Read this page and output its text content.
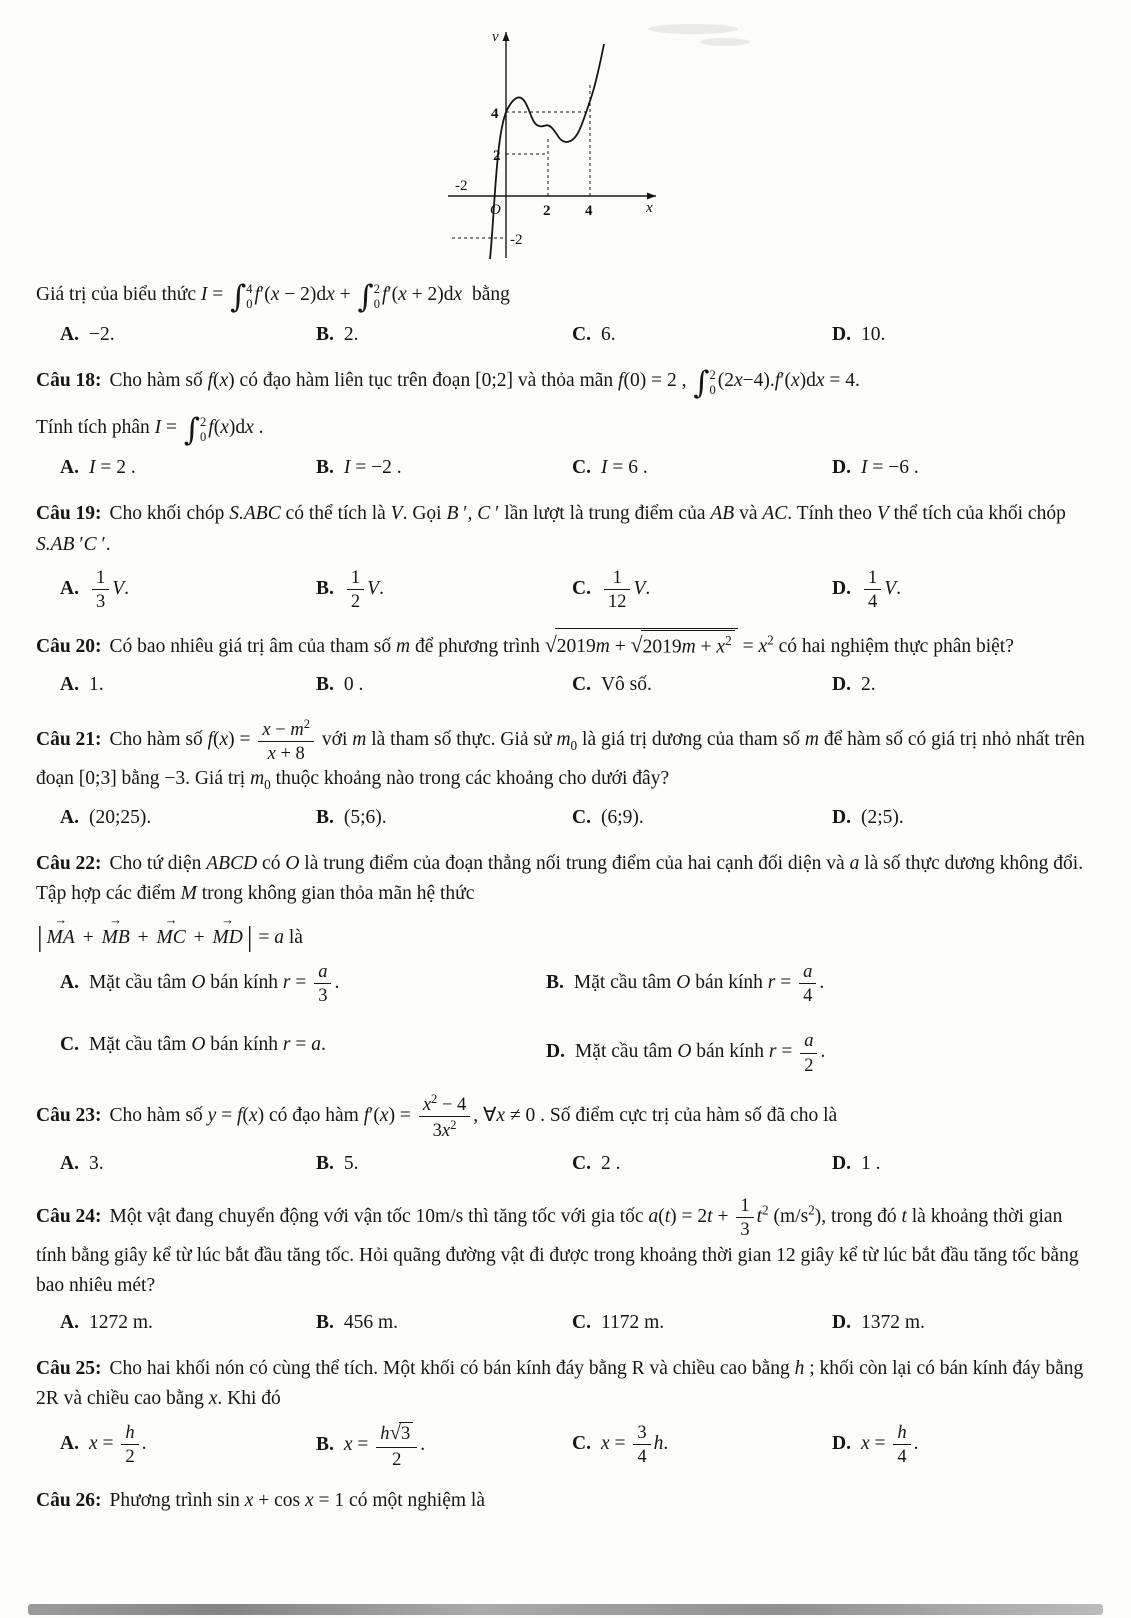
v
x
O
-2
2 4
4
2
-2
Giá trị của biểu thức I = ∫ 4
0 f′(x − 2)dx + ∫ 2
0 f′(x + 2)dx  bằng
A. −2.	B. 2.	C. 6.	D. 10.
Câu 18: Cho hàm số f(x) có đạo hàm liên tục trên đoạn [0;2] và thỏa mãn f(0) = 2 , ∫ 2
0 (2x−4).f′(x)dx = 4.
Tính tích phân I = ∫ 2
0 f(x)dx .
A. I = 2 .	B. I = −2 .	C. I = 6 .	D. I = −6 .
Câu 19: Cho khối chóp S.ABC có thể tích là V. Gọi B ′, C ′ lần lượt là trung điểm của AB và AC. Tính theo V thể tích của khối chóp S.AB ′C ′.
A. $\frac{1}{3} V$.	B. $\frac{1}{2} V$.	C. $\frac{1}{12} V$.	D. $\frac{1}{4} V$.
Câu 20: Có bao nhiêu giá trị âm của tham số m để phương trình $√2019m + √2019m + x^2 = x^2$ có hai nghiệm thực phân biệt?
A. 1.	B. 0 .	C. Vô số.	D. 2.
Câu 21: Cho hàm số $f(x) = \frac{x - m^2}{x + 8}$ với m là tham số thực. Giả sử $m_0$ là giá trị dương của tham số m để hàm số có giá trị nhỏ nhất trên đoạn [0;3] bằng −3. Giá trị $m_0$ thuộc khoảng nào trong các khoảng cho dưới đây?
A. (20;25).	B. (5;6).	C. (6;9).	D. (2;5).
Câu 22: Cho tứ diện ABCD có O là trung điểm của đoạn thẳng nối trung điểm của hai cạnh đối diện và a là số thực dương không đổi. Tập hợp các điểm M trong không gian thỏa mãn hệ thức
| → MA + → MB + → MC + → MD | = a là
A. Mặt cầu tâm O bán kính $r = \frac{a}{3}$ .	B. Mặt cầu tâm O bán kính $r = \frac{a}{4}$ .
C. Mặt cầu tâm O bán kính r = a.	D. Mặt cầu tâm O bán kính $r = \frac{a}{2}$ .
Câu 23: Cho hàm số y = f(x) có đạo hàm $f'(x) = \frac{x^2 - 4}{3x^2}$ , ∀x ≠ 0 . Số điểm cực trị của hàm số đã cho là
A. 3.	B. 5.	C. 2 .	D. 1 .
Câu 24: Một vật đang chuyển động với vận tốc 10m/s thì tăng tốc với gia tốc $a(t) = 2t + \frac{1}{3} t^2$ $(m/s^2)$, trong đó t là khoảng thời gian tính bằng giây kể từ lúc bắt đầu tăng tốc. Hỏi quãng đường vật đi được trong khoảng thời gian 12 giây kể từ lúc bắt đầu tăng tốc bằng bao nhiêu mét?
A. 1272 m.	B. 456 m.	C. 1172 m.	D. 1372 m.
Câu 25: Cho hai khối nón có cùng thể tích. Một khối có bán kính đáy bằng R và chiều cao bằng h ; khối còn lại có bán kính đáy bằng 2R và chiều cao bằng x. Khi đó
A. $x = \frac{h}{2}$ .	B. $x = \frac{h√3}{2}$ .	C. $x = \frac{3}{4} h$.	D. $x = \frac{h}{4}$ .
Câu 26: Phương trình sin x + cos x = 1 có một nghiệm là
